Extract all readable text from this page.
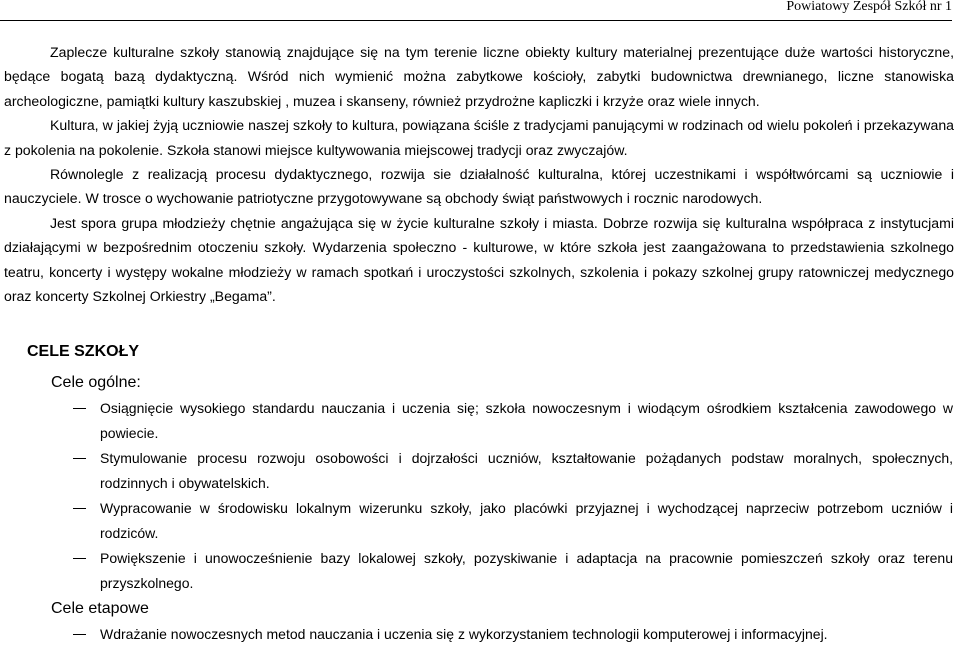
Powiatowy Zespół Szkół nr 1

Zaplecze kulturalne szkoły stanowią znajdujące się na tym terenie liczne obiekty kultury materialnej prezentujące duże wartości historyczne, będące bogatą bazą dydaktyczną. Wśród nich wymienić można zabytkowe kościoły, zabytki budownictwa drewnianego, liczne stanowiska archeologiczne, pamiątki kultury kaszubskiej , muzea i skanseny, również przydrożne kapliczki i krzyże oraz wiele innych.

Kultura, w jakiej żyją uczniowie naszej szkoły to kultura, powiązana ściśle z tradycjami panującymi w rodzinach od wielu pokoleń i przekazywana z pokolenia na pokolenie. Szkoła stanowi miejsce kultywowania miejscowej tradycji oraz zwyczajów.

Równolegle z realizacją procesu dydaktycznego, rozwija sie działalność kulturalna, której uczestnikami i współtwórcami są uczniowie i nauczyciele. W trosce o wychowanie patriotyczne przygotowywane są obchody świąt państwowych i rocznic narodowych.

Jest spora grupa młodzieży chętnie angażująca się w życie kulturalne szkoły i miasta. Dobrze rozwija się kulturalna współpraca z instytucjami działającymi w bezpośrednim otoczeniu szkoły. Wydarzenia społeczno - kulturowe, w które szkoła jest zaangażowana to przedstawienia szkolnego teatru, koncerty i występy wokalne młodzieży w ramach spotkań i uroczystości szkolnych, szkolenia i pokazy szkolnej grupy ratowniczej medycznego oraz koncerty Szkolnej Orkiestry „Begama”.

CELE SZKOŁY
Cele ogólne:
Osiągnięcie wysokiego standardu nauczania i uczenia się; szkoła nowoczesnym i wiodącym ośrodkiem kształcenia zawodowego w powiecie.
Stymulowanie procesu rozwoju osobowości i dojrzałości uczniów, kształtowanie pożądanych podstaw moralnych, społecznych, rodzinnych i obywatelskich.
Wypracowanie w środowisku lokalnym wizerunku szkoły, jako placówki przyjaznej i wychodzącej naprzeciw potrzebom uczniów i rodziców.
Powiększenie i unowocześnienie bazy lokalowej szkoły, pozyskiwanie i adaptacja na pracownie pomieszczeń szkoły oraz terenu przyszkolnego.
Cele etapowe
Wdrażanie nowoczesnych metod nauczania i uczenia się z wykorzystaniem technologii komputerowej i informacyjnej.
